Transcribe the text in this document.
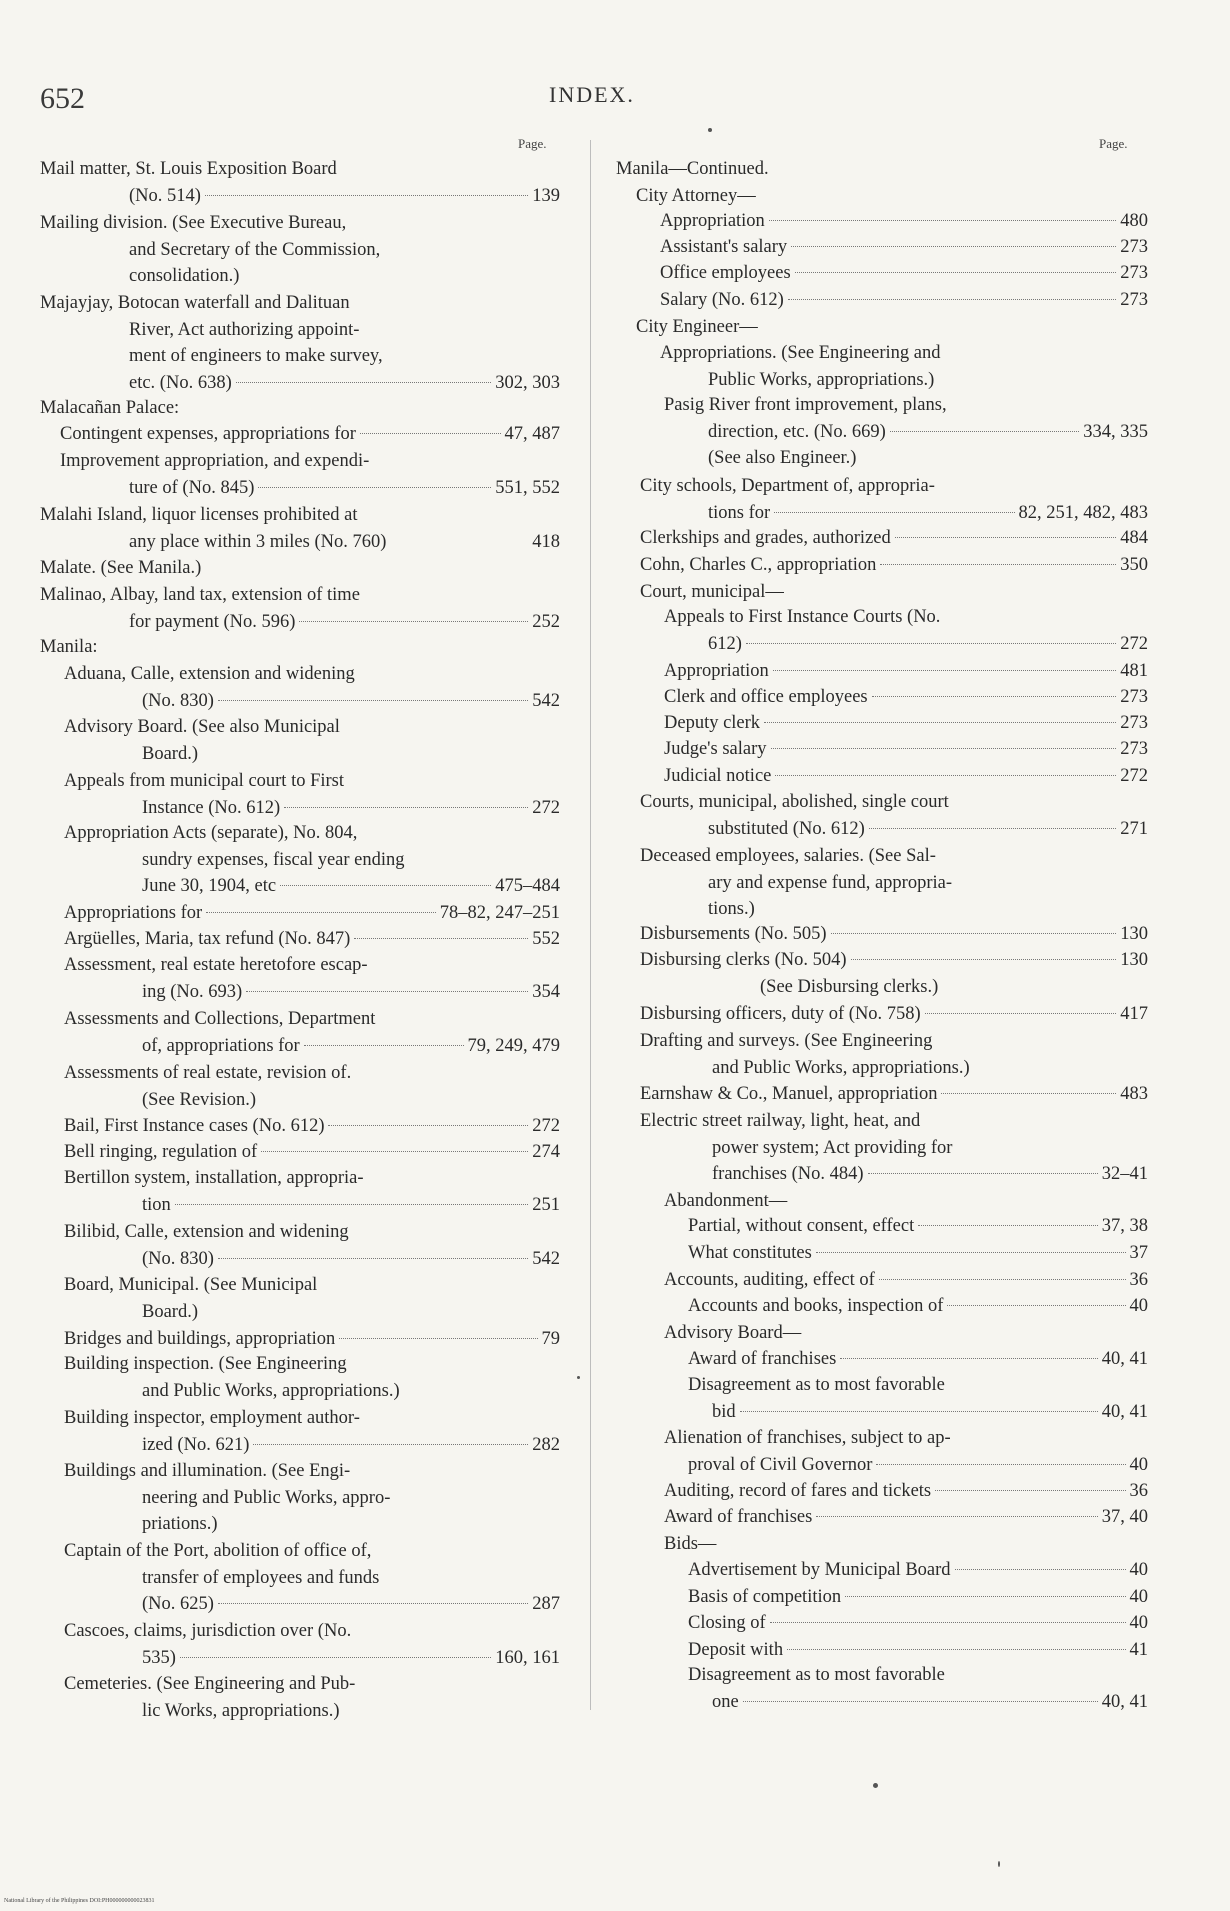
652	INDEX.
Page.	Page.
Mail matter, St. Louis Exposition Board
(No. 514)	139
Mailing division. (See Executive Bureau,
and Secretary of the Commission,
consolidation.)
Majayjay, Botocan waterfall and Dalituan
River, Act authorizing appoint-
ment of engineers to make survey,
etc. (No. 638)	302, 303
Malacañan Palace:
Contingent expenses, appropriations for	47, 487
Improvement appropriation, and expendi-
ture of (No. 845)	551, 552
Malahi Island, liquor licenses prohibited at
any place within 3 miles (No. 760)	418
Malate. (See Manila.)
Malinao, Albay, land tax, extension of time
for payment (No. 596)	252
Manila:
Aduana, Calle, extension and widening
(No. 830)	542
Advisory Board. (See also Municipal
Board.)
Appeals from municipal court to First
Instance (No. 612)	272
Appropriation Acts (separate), No. 804,
sundry expenses, fiscal year ending
June 30, 1904, etc	475–484
Appropriations for	78–82, 247–251
Argüelles, Maria, tax refund (No. 847)	552
Assessment, real estate heretofore escap-
ing (No. 693)	354
Assessments and Collections, Department
of, appropriations for	79, 249, 479
Assessments of real estate, revision of.
(See Revision.)
Bail, First Instance cases (No. 612)	272
Bell ringing, regulation of	274
Bertillon system, installation, appropria-
tion	251
Bilibid, Calle, extension and widening
(No. 830)	542
Board, Municipal. (See Municipal
Board.)
Bridges and buildings, appropriation	79
Building inspection. (See Engineering
and Public Works, appropriations.)
Building inspector, employment author-
ized (No. 621)	282
Buildings and illumination. (See Engi-
neering and Public Works, appro-
priations.)
Captain of the Port, abolition of office of,
transfer of employees and funds
(No. 625)	287
Cascoes, claims, jurisdiction over (No.
535)	160, 161
Cemeteries. (See Engineering and Pub-
lic Works, appropriations.)
Manila—Continued.
City Attorney—
Appropriation	480
Assistant's salary	273
Office employees	273
Salary (No. 612)	273
City Engineer—
Appropriations. (See Engineering and
Public Works, appropriations.)
Pasig River front improvement, plans,
direction, etc. (No. 669)	334, 335
(See also Engineer.)
City schools, Department of, appropria-
tions for	82, 251, 482, 483
Clerkships and grades, authorized	484
Cohn, Charles C., appropriation	350
Court, municipal—
Appeals to First Instance Courts (No.
612)	272
Appropriation	481
Clerk and office employees	273
Deputy clerk	273
Judge's salary	273
Judicial notice	272
Courts, municipal, abolished, single court
substituted (No. 612)	271
Deceased employees, salaries. (See Sal-
ary and expense fund, appropria-
tions.)
Disbursements (No. 505)	130
Disbursing clerks (No. 504)	130
(See Disbursing clerks.)
Disbursing officers, duty of (No. 758)	417
Drafting and surveys. (See Engineering
and Public Works, appropriations.)
Earnshaw & Co., Manuel, appropriation	483
Electric street railway, light, heat, and
power system; Act providing for
franchises (No. 484)	32–41
Abandonment—
Partial, without consent, effect	37, 38
What constitutes	37
Accounts, auditing, effect of	36
Accounts and books, inspection of	40
Advisory Board—
Award of franchises	40, 41
Disagreement as to most favorable
bid	40, 41
Alienation of franchises, subject to ap-
proval of Civil Governor	40
Auditing, record of fares and tickets	36
Award of franchises	37, 40
Bids—
Advertisement by Municipal Board	40
Basis of competition	40
Closing of	40
Deposit with	41
Disagreement as to most favorable
one	40, 41
National Library of the Philippines DOI:PH000000000023831
